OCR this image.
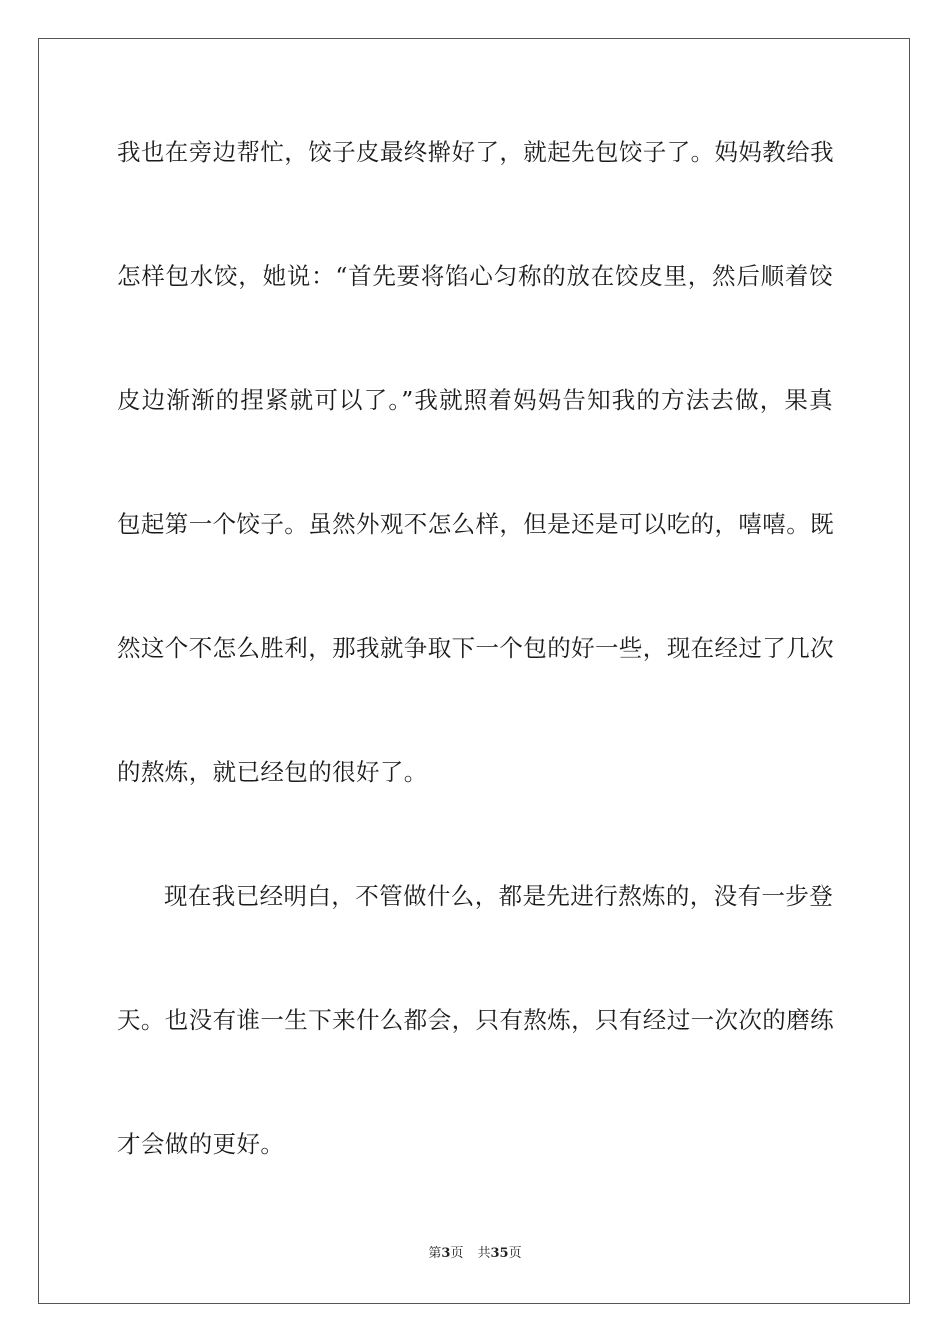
我也在旁边帮忙，饺子皮最终擀好了，就起先包饺子了。妈妈教给我
怎样包水饺，她说：“首先要将馅心匀称的放在饺皮里，然后顺着饺
皮边渐渐的捏紧就可以了。”我就照着妈妈告知我的方法去做，果真
包起第一个饺子。虽然外观不怎么样，但是还是可以吃的，嘻嘻。既
然这个不怎么胜利，那我就争取下一个包的好一些，现在经过了几次
的熬炼，就已经包的很好了。
现在我已经明白，不管做什么，都是先进行熬炼的，没有一步登
天。也没有谁一生下来什么都会，只有熬炼，只有经过一次次的磨练
才会做的更好。
第3页 共35页
